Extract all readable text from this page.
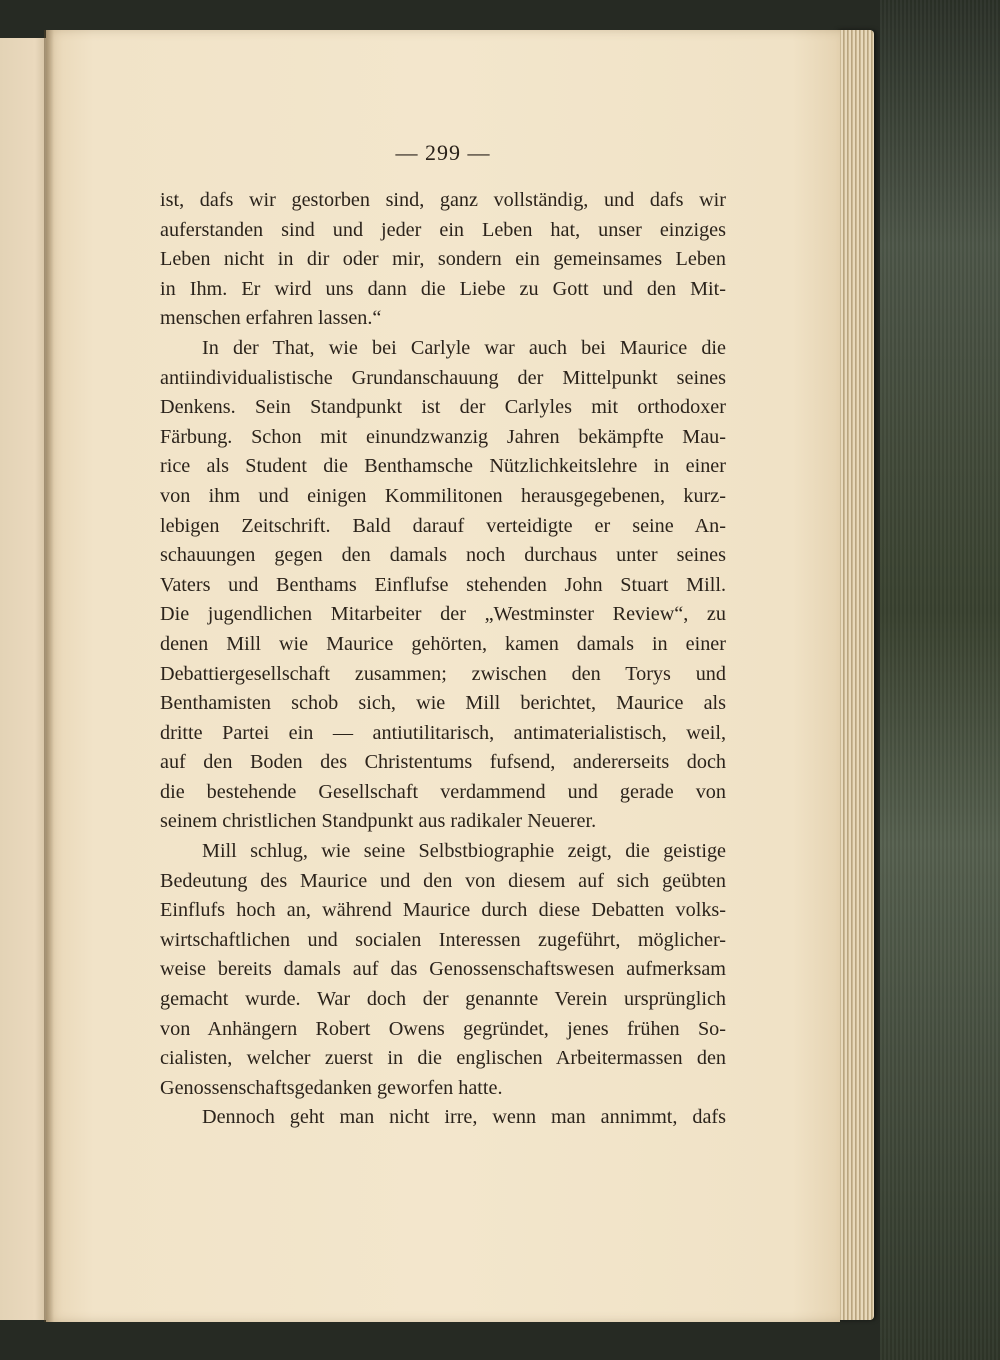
— 299 —
ist, dafs wir gestorben sind, ganz vollständig, und dafs wir
auferstanden sind und jeder ein Leben hat, unser einziges
Leben nicht in dir oder mir, sondern ein gemeinsames Leben
in Ihm. Er wird uns dann die Liebe zu Gott und den Mit-
menschen erfahren lassen.“
In der That, wie bei Carlyle war auch bei Maurice die
antiindividualistische Grundanschauung der Mittelpunkt seines
Denkens. Sein Standpunkt ist der Carlyles mit orthodoxer
Färbung. Schon mit einundzwanzig Jahren bekämpfte Mau-
rice als Student die Benthamsche Nützlichkeitslehre in einer
von ihm und einigen Kommilitonen herausgegebenen, kurz-
lebigen Zeitschrift. Bald darauf verteidigte er seine An-
schauungen gegen den damals noch durchaus unter seines
Vaters und Benthams Einflufse stehenden John Stuart Mill.
Die jugendlichen Mitarbeiter der „Westminster Review“, zu
denen Mill wie Maurice gehörten, kamen damals in einer
Debattiergesellschaft zusammen; zwischen den Torys und
Benthamisten schob sich, wie Mill berichtet, Maurice als
dritte Partei ein — antiutilitarisch, antimaterialistisch, weil,
auf den Boden des Christentums fufsend, andererseits doch
die bestehende Gesellschaft verdammend und gerade von
seinem christlichen Standpunkt aus radikaler Neuerer.
Mill schlug, wie seine Selbstbiographie zeigt, die geistige
Bedeutung des Maurice und den von diesem auf sich geübten
Einflufs hoch an, während Maurice durch diese Debatten volks-
wirtschaftlichen und socialen Interessen zugeführt, möglicher-
weise bereits damals auf das Genossenschaftswesen aufmerksam
gemacht wurde. War doch der genannte Verein ursprünglich
von Anhängern Robert Owens gegründet, jenes frühen So-
cialisten, welcher zuerst in die englischen Arbeitermassen den
Genossenschaftsgedanken geworfen hatte.
Dennoch geht man nicht irre, wenn man annimmt, dafs
